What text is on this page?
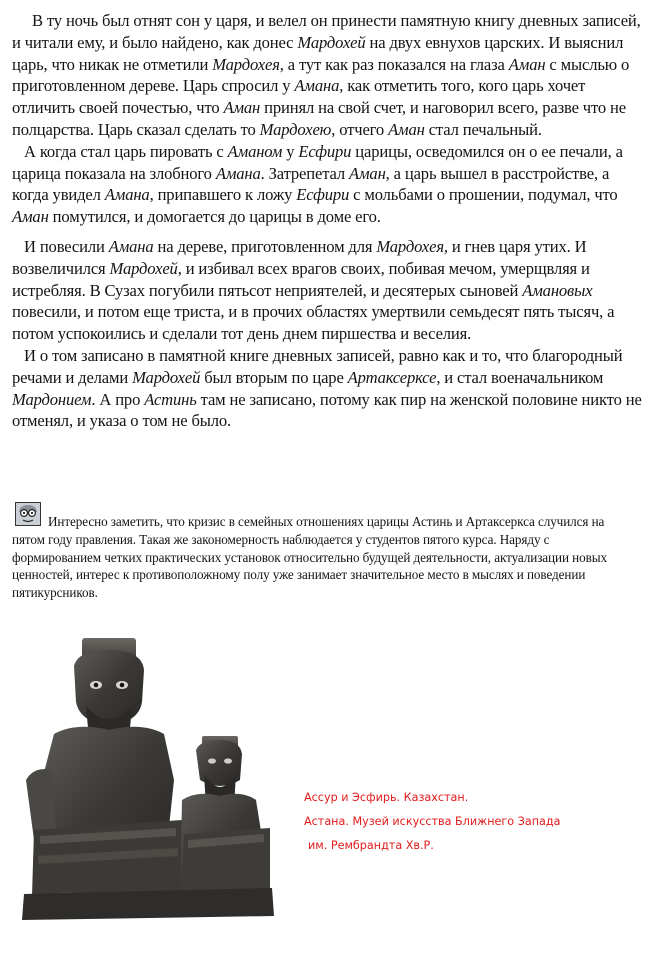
В ту ночь был отнят сон у царя, и велел он принести памятную книгу дневных записей, и читали ему, и было найдено, как донес Мардохей на двух евнухов царских. И выяснил царь, что никак не отметили Мардохея, а тут как раз показался на глаза Аман с мыслью о приготовленном дереве. Царь спросил у Амана, как отметить того, кого царь хочет отличить своей почестью, что Аман принял на свой счет, и наговорил всего, разве что не полцарства. Царь сказал сделать то Мардохею, отчего Аман стал печальный.

А когда стал царь пировать с Аманом у Есфири царицы, осведомился он о ее печали, а царица показала на злобного Амана. Затрепетал Аман, а царь вышел в расстройстве, а когда увидел Амана, припавшего к ложу Есфири с мольбами о прошении, подумал, что Аман помутился, и домогается до царицы в доме его.

И повесили Амана на дереве, приготовленном для Мардохея, и гнев царя утих. И возвеличился Мардохей, и избивал всех врагов своих, побивая мечом, умерщвляя и истребляя. В Сузах погубили пятьсот неприятелей, и десятерых сыновей Амановых повесили, и потом еще триста, и в прочих областях умертвили семьдесят пять тысяч, а потом успокоились и сделали тот день днем пиршества и веселия.

И о том записано в памятной книге дневных записей, равно как и то, что благородный речами и делами Мардохей был вторым по царе Артаксерксе, и стал военачальником Мардонием. А про Астинь там не записано, потому как пир на женской половине никто не отменял, и указа о том не было.

Интересно заметить, что кризис в семейных отношениях царицы Астинь и Артаксеркса случился на пятом году правления. Такая же закономерность наблюдается у студентов пятого курса. Наряду с формированием четких практических установок относительно будущей деятельности, актуализации новых ценностей, интерес к противоположному полу уже занимает значительное место в мыслях и поведении пятикурсников.
Ассур и Эсфирь. Казахстан.
Астана. Музей искусства Ближнего Запада
им. Рембрандта Хв.Р.
